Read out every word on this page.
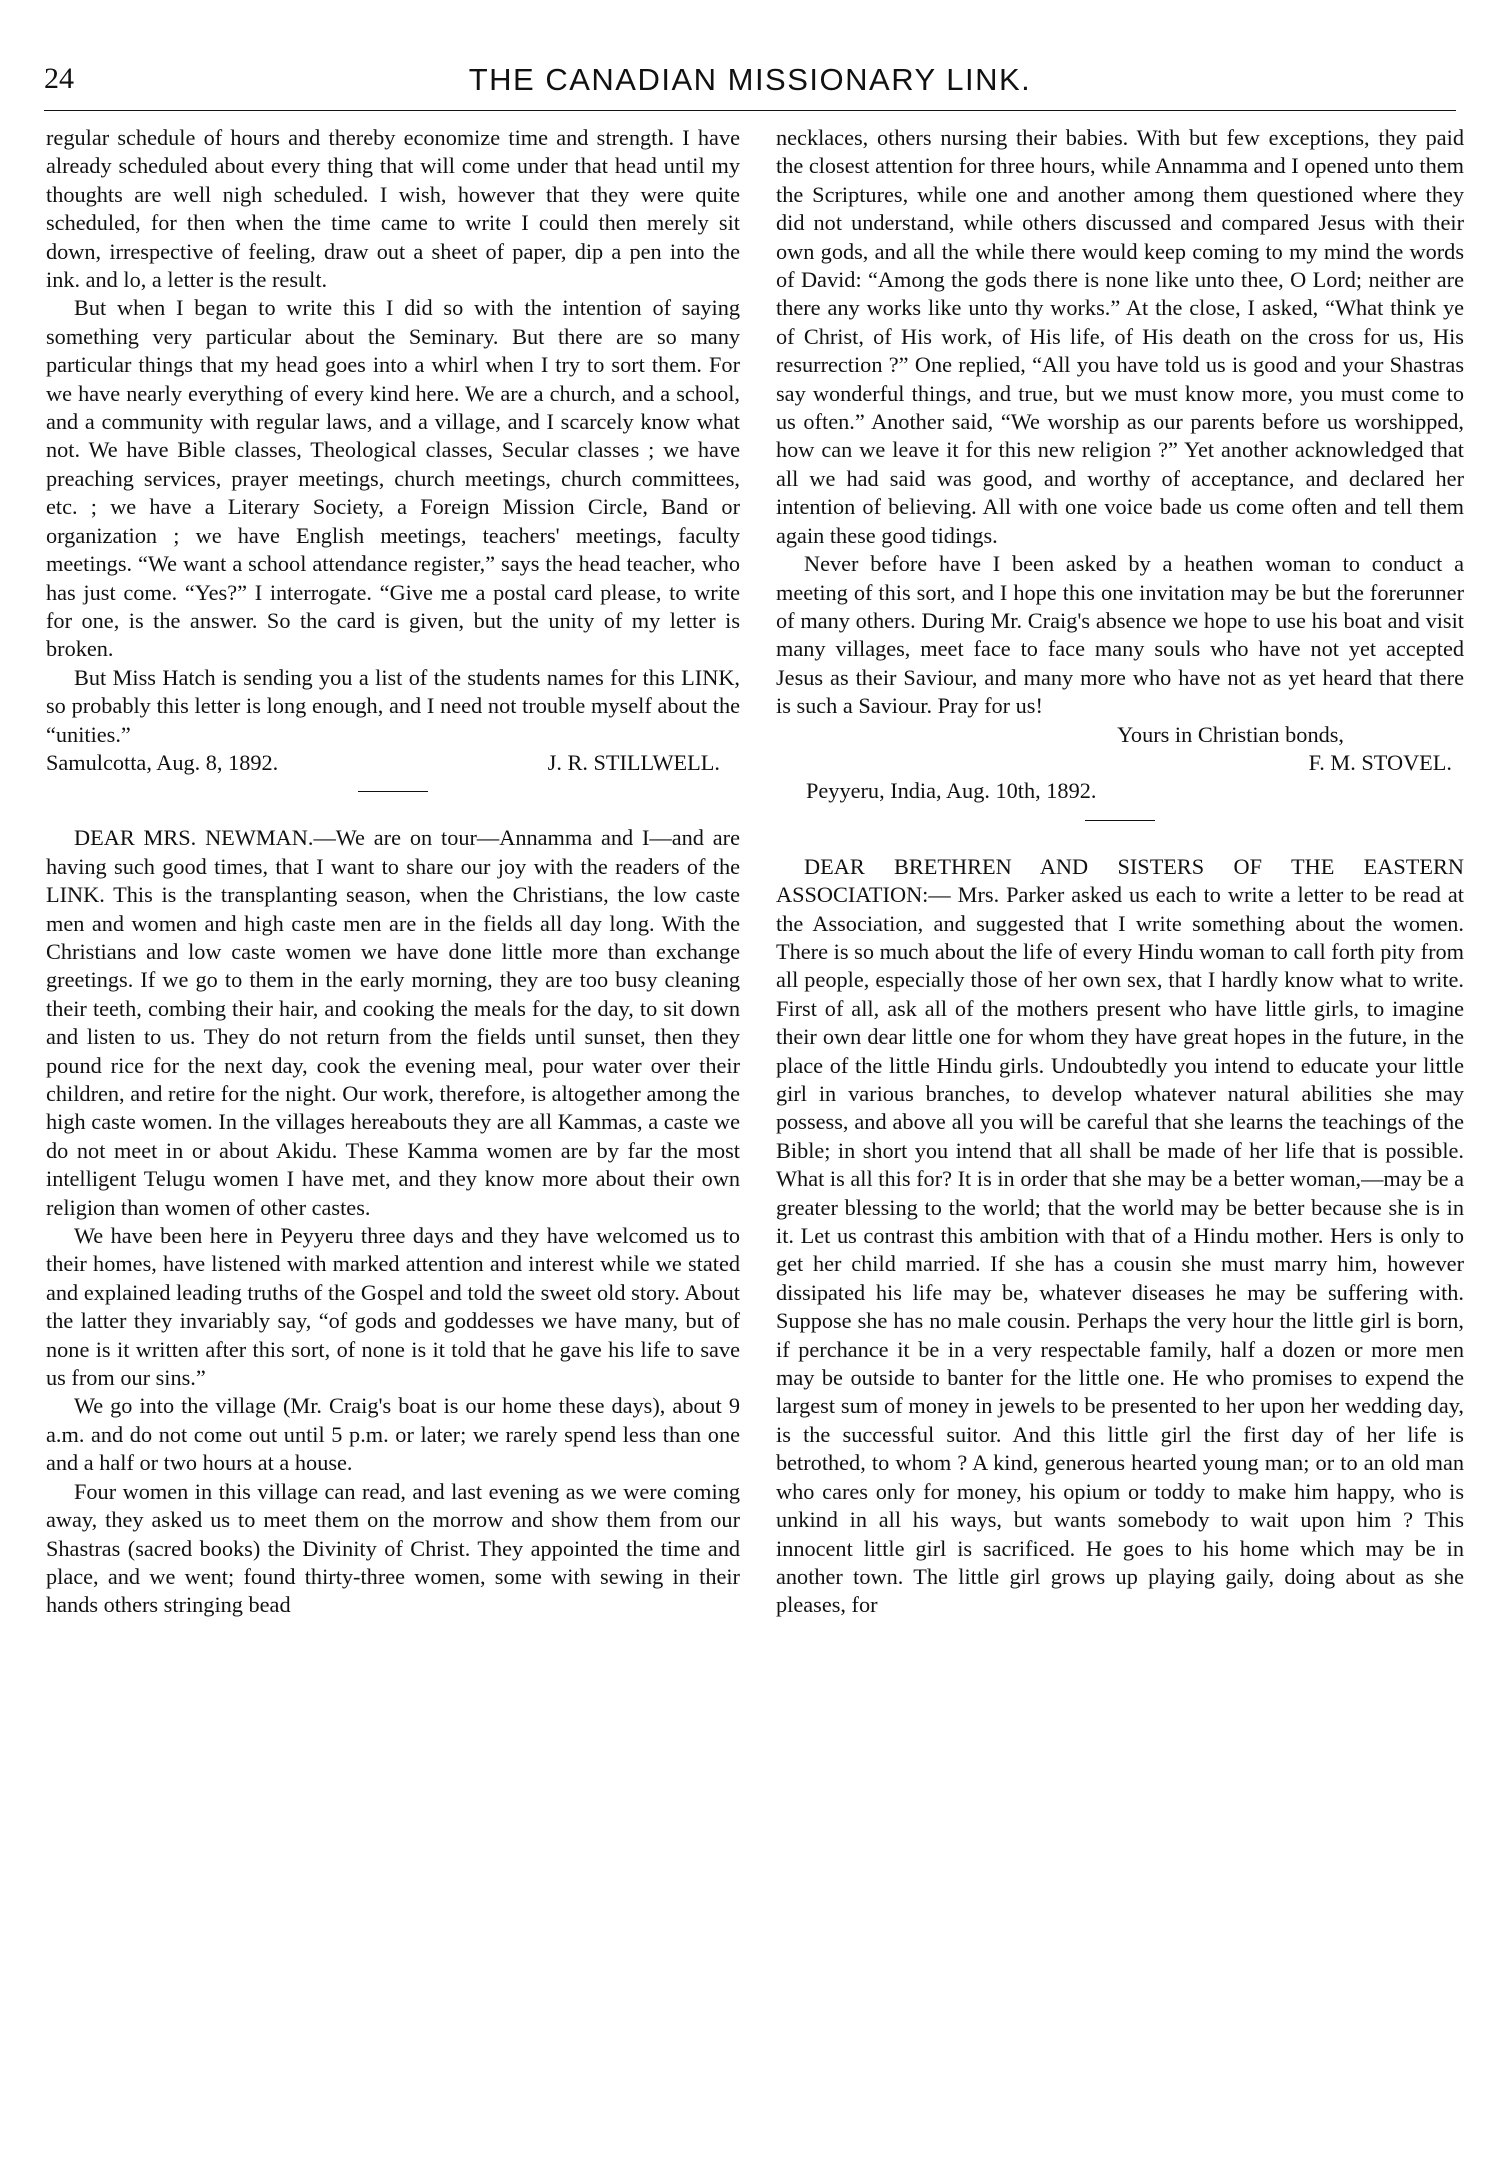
24	THE CANADIAN MISSIONARY LINK.

regular schedule of hours and thereby economize time and strength. I have already scheduled about every thing that will come under that head until my thoughts are well nigh scheduled. I wish, however that they were quite scheduled, for then when the time came to write I could then merely sit down, irrespective of feeling, draw out a sheet of paper, dip a pen into the ink. and lo, a letter is the result.

But when I began to write this I did so with the intention of saying something very particular about the Seminary. But there are so many particular things that my head goes into a whirl when I try to sort them. For we have nearly everything of every kind here. We are a church, and a school, and a community with regular laws, and a village, and I scarcely know what not. We have Bible classes, Theological classes, Secular classes ; we have preaching services, prayer meetings, church meetings, church committees, etc. ; we have a Literary Society, a Foreign Mission Circle, Band or organization ; we have English meetings, teachers' meetings, faculty meetings. “We want a school attendance register,” says the head teacher, who has just come. “Yes?” I interrogate. “Give me a postal card please, to write for one, is the answer. So the card is given, but the unity of my letter is broken.

But Miss Hatch is sending you a list of the students names for this LINK, so probably this letter is long enough, and I need not trouble myself about the “unities.”

Samulcotta, Aug. 8, 1892.	J. R. STILLWELL.

DEAR MRS. NEWMAN.—We are on tour—Annamma and I—and are having such good times, that I want to share our joy with the readers of the LINK. This is the transplanting season, when the Christians, the low caste men and women and high caste men are in the fields all day long. With the Christians and low caste women we have done little more than exchange greetings. If we go to them in the early morning, they are too busy cleaning their teeth, combing their hair, and cooking the meals for the day, to sit down and listen to us. They do not return from the fields until sunset, then they pound rice for the next day, cook the evening meal, pour water over their children, and retire for the night. Our work, therefore, is altogether among the high caste women. In the villages hereabouts they are all Kammas, a caste we do not meet in or about Akidu. These Kamma women are by far the most intelligent Telugu women I have met, and they know more about their own religion than women of other castes.

We have been here in Peyyeru three days and they have welcomed us to their homes, have listened with marked attention and interest while we stated and explained leading truths of the Gospel and told the sweet old story. About the latter they invariably say, “of gods and goddesses we have many, but of none is it written after this sort, of none is it told that he gave his life to save us from our sins.”

We go into the village (Mr. Craig's boat is our home these days), about 9 a.m. and do not come out until 5 p.m. or later; we rarely spend less than one and a half or two hours at a house.

Four women in this village can read, and last evening as we were coming away, they asked us to meet them on the morrow and show them from our Shastras (sacred books) the Divinity of Christ. They appointed the time and place, and we went; found thirty-three women, some with sewing in their hands others stringing bead

necklaces, others nursing their babies. With but few exceptions, they paid the closest attention for three hours, while Annamma and I opened unto them the Scriptures, while one and another among them questioned where they did not understand, while others discussed and compared Jesus with their own gods, and all the while there would keep coming to my mind the words of David: “Among the gods there is none like unto thee, O Lord; neither are there any works like unto thy works.” At the close, I asked, “What think ye of Christ, of His work, of His life, of His death on the cross for us, His resurrection ?” One replied, “All you have told us is good and your Shastras say wonderful things, and true, but we must know more, you must come to us often.” Another said, “We worship as our parents before us worshipped, how can we leave it for this new religion ?” Yet another acknowledged that all we had said was good, and worthy of acceptance, and declared her intention of believing. All with one voice bade us come often and tell them again these good tidings.

Never before have I been asked by a heathen woman to conduct a meeting of this sort, and I hope this one invitation may be but the forerunner of many others. During Mr. Craig's absence we hope to use his boat and visit many villages, meet face to face many souls who have not yet accepted Jesus as their Saviour, and many more who have not as yet heard that there is such a Saviour. Pray for us!

Yours in Christian bonds,

F. M. STOVEL.

Peyyeru, India, Aug. 10th, 1892.

DEAR BRETHREN AND SISTERS OF THE EASTERN ASSOCIATION:— Mrs. Parker asked us each to write a letter to be read at the Association, and suggested that I write something about the women. There is so much about the life of every Hindu woman to call forth pity from all people, especially those of her own sex, that I hardly know what to write. First of all, ask all of the mothers present who have little girls, to imagine their own dear little one for whom they have great hopes in the future, in the place of the little Hindu girls. Undoubtedly you intend to educate your little girl in various branches, to develop whatever natural abilities she may possess, and above all you will be careful that she learns the teachings of the Bible; in short you intend that all shall be made of her life that is possible. What is all this for? It is in order that she may be a better woman,—may be a greater blessing to the world; that the world may be better because she is in it. Let us contrast this ambition with that of a Hindu mother. Hers is only to get her child married. If she has a cousin she must marry him, however dissipated his life may be, whatever diseases he may be suffering with. Suppose she has no male cousin. Perhaps the very hour the little girl is born, if perchance it be in a very respectable family, half a dozen or more men may be outside to banter for the little one. He who promises to expend the largest sum of money in jewels to be presented to her upon her wedding day, is the successful suitor. And this little girl the first day of her life is betrothed, to whom ? A kind, generous hearted young man; or to an old man who cares only for money, his opium or toddy to make him happy, who is unkind in all his ways, but wants somebody to wait upon him ? This innocent little girl is sacrificed. He goes to his home which may be in another town. The little girl grows up playing gaily, doing about as she pleases, for
